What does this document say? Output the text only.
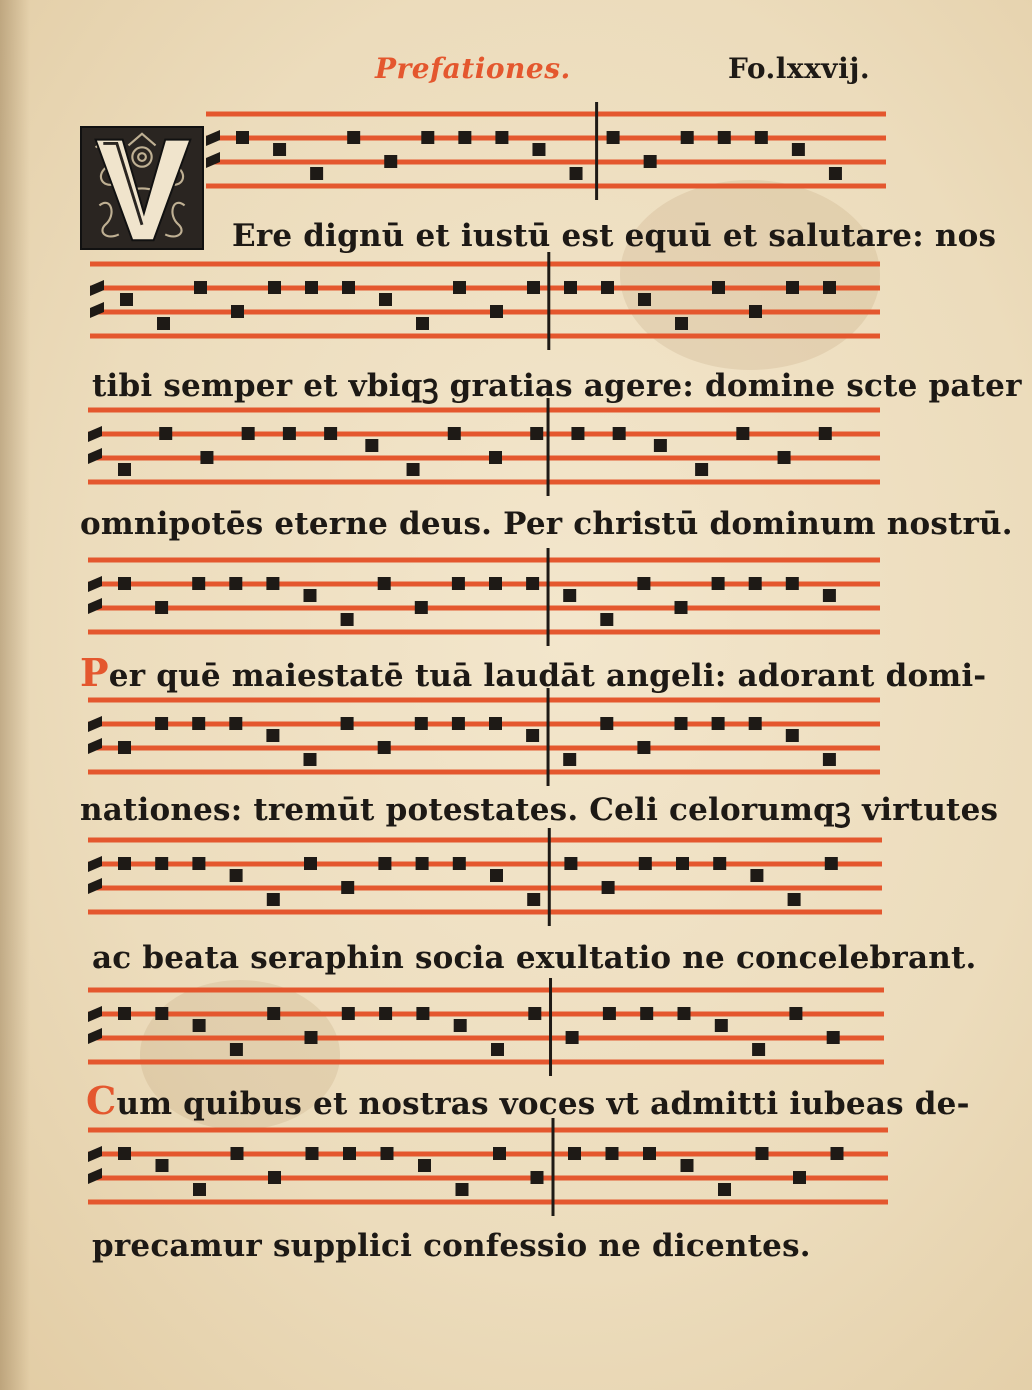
Prefationes.	Fo.lxxvij.
Ere dignū et iustū est equū et salutare: nos
tibi semper et vbiqꝫ gratias agere: domine scte pater
omnipotēs eterne deus. Per christū dominum nostrū.
Per quē maiestatē tuā laudāt angeli: adorant domi-
nationes: tremūt potestates. Celi celorumqꝫ virtutes
ac beata seraphin socia exultatio ne concelebrant.
Cum quibus et nostras voces vt admitti iubeas de-
precamur supplici confessio ne dicentes.
